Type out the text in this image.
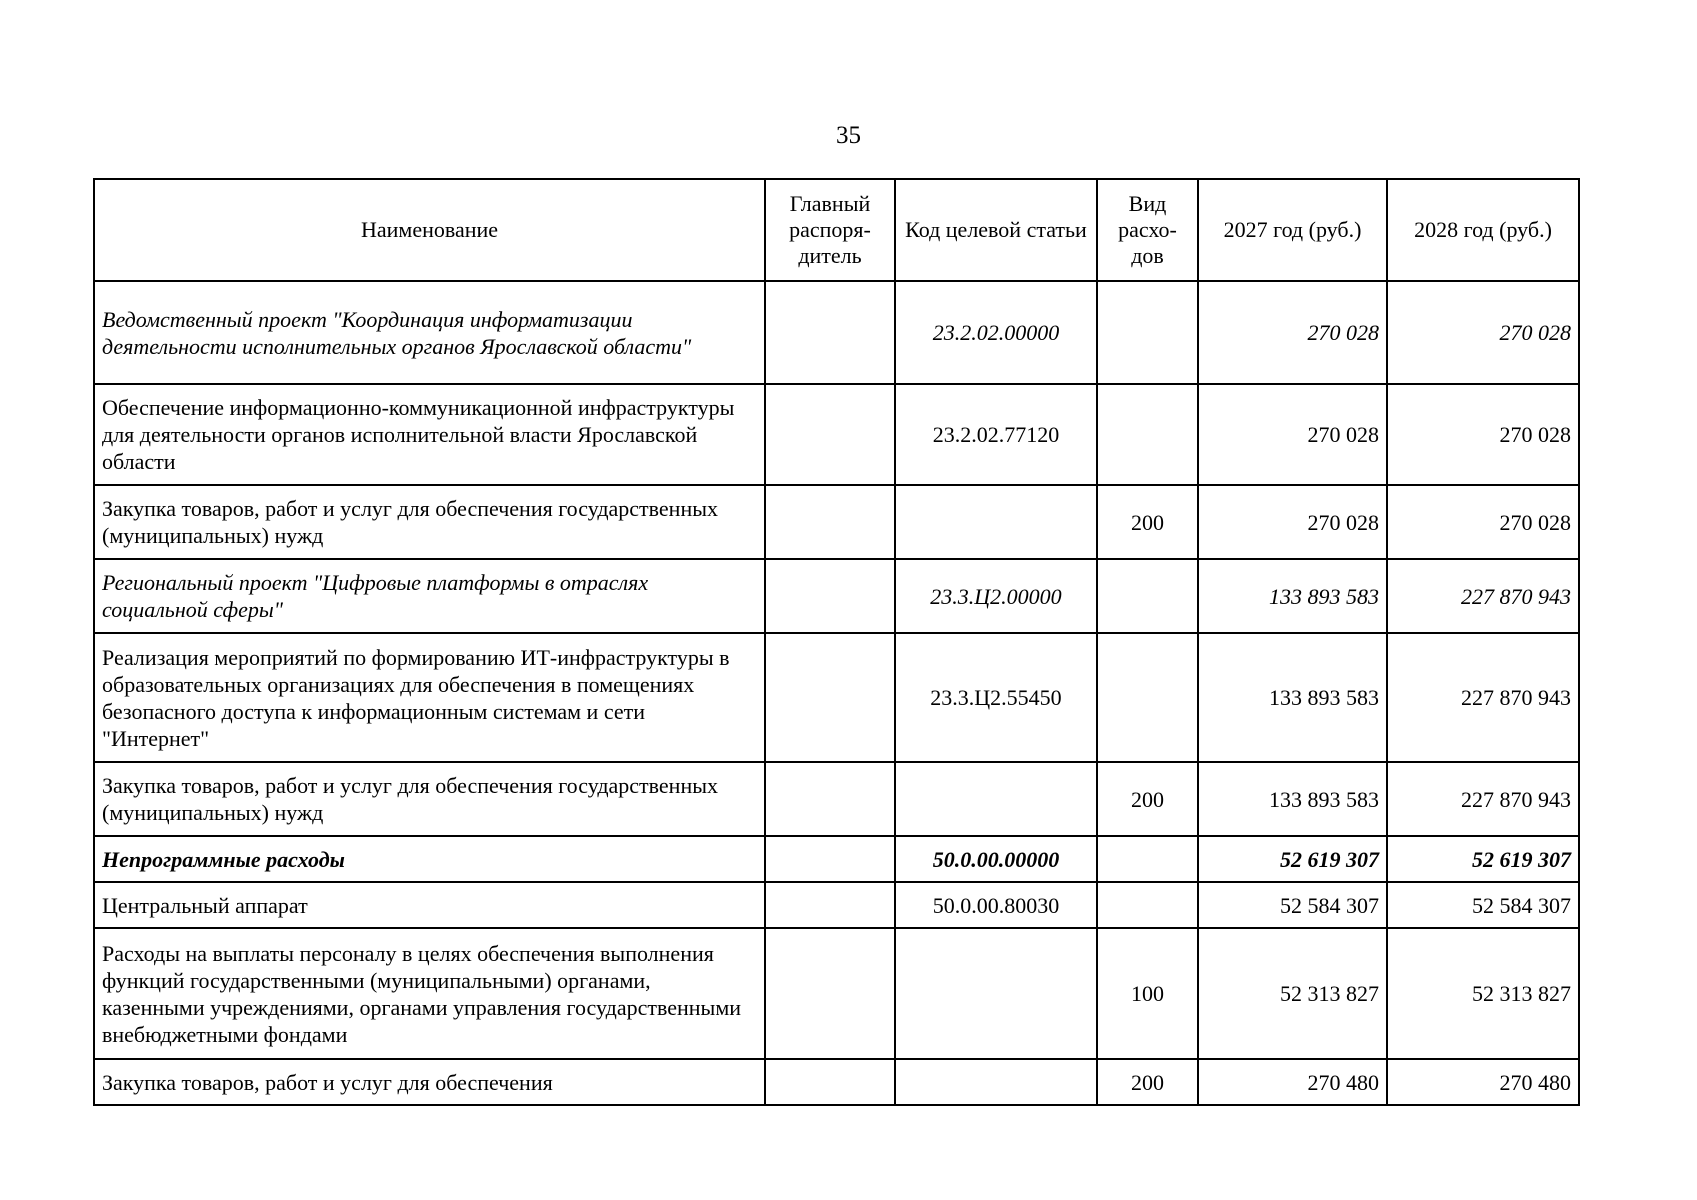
35
Наименование	Главный распоря-дитель	Код целевой статьи	Вид расхо-дов	2027 год (руб.)	2028 год (руб.)
Ведомственный проект "Координация информатизации деятельности исполнительных органов Ярославской области"		23.2.02.00000		270 028	270 028
Обеспечение информационно-коммуникационной инфраструктуры для деятельности органов исполнительной власти Ярославской области		23.2.02.77120		270 028	270 028
Закупка товаров, работ и услуг для обеспечения государственных (муниципальных) нужд			200	270 028	270 028
Региональный проект "Цифровые платформы в отраслях социальной сферы"		23.3.Ц2.00000		133 893 583	227 870 943
Реализация мероприятий по формированию ИТ-инфраструктуры в образовательных организациях для обеспечения в помещениях безопасного доступа к информационным системам и сети "Интернет"		23.3.Ц2.55450		133 893 583	227 870 943
Закупка товаров, работ и услуг для обеспечения государственных (муниципальных) нужд			200	133 893 583	227 870 943
Непрограммные расходы		50.0.00.00000		52 619 307	52 619 307
Центральный аппарат		50.0.00.80030		52 584 307	52 584 307
Расходы на выплаты персоналу в целях обеспечения выполнения функций государственными (муниципальными) органами, казенными учреждениями, органами управления государственными внебюджетными фондами			100	52 313 827	52 313 827
Закупка товаров, работ и услуг для обеспечения			200	270 480	270 480
